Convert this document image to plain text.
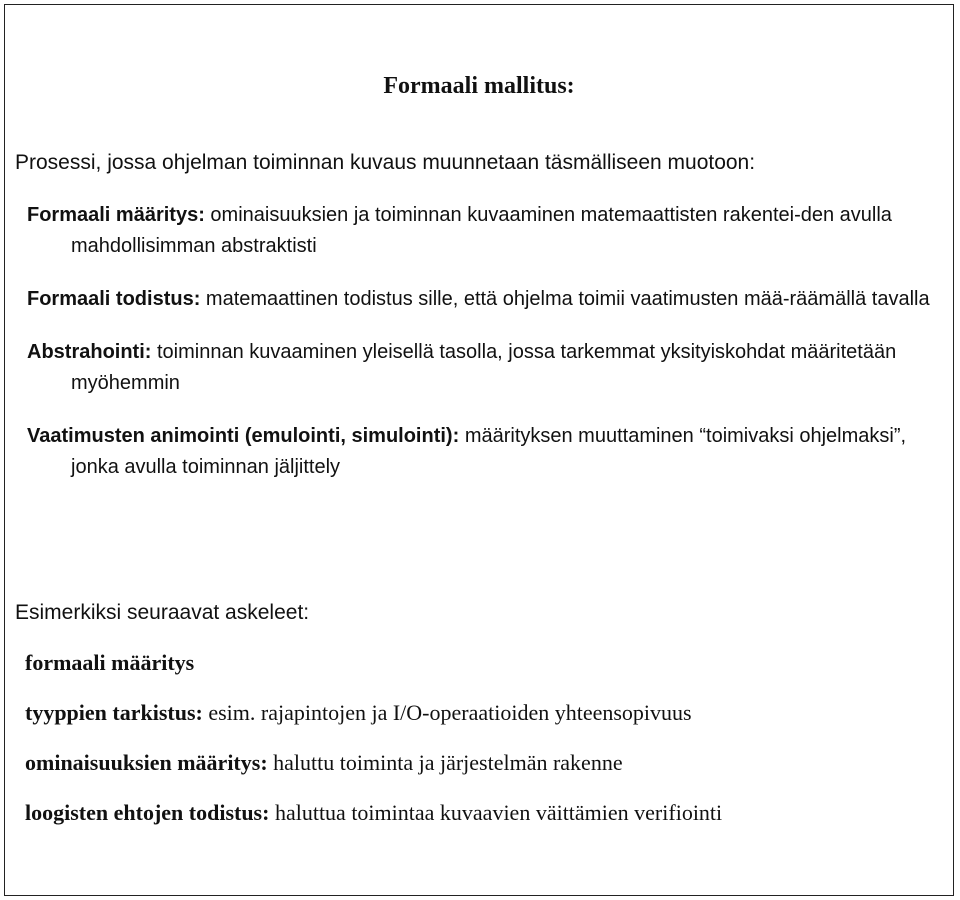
Formaali mallitus:

Prosessi, jossa ohjelman toiminnan kuvaus muunnetaan täsmälliseen muotoon:

Formaali määritys: ominaisuuksien ja toiminnan kuvaaminen matemaattisten rakentei-den avulla mahdollisimman abstraktisti
Formaali todistus: matemaattinen todistus sille, että ohjelma toimii vaatimusten mää-räämällä tavalla
Abstrahointi: toiminnan kuvaaminen yleisellä tasolla, jossa tarkemmat yksityiskohdat määritetään myöhemmin
Vaatimusten animointi (emulointi, simulointi): määrityksen muuttaminen “toimivaksi ohjelmaksi”, jonka avulla toiminnan jäljittely

Esimerkiksi seuraavat askeleet:

formaali määritys
tyyppien tarkistus: esim. rajapintojen ja I/O-operaatioiden yhteensopivuus
ominaisuuksien määritys: haluttu toiminta ja järjestelmän rakenne
loogisten ehtojen todistus: haluttua toimintaa kuvaavien väittämien verifiointi
